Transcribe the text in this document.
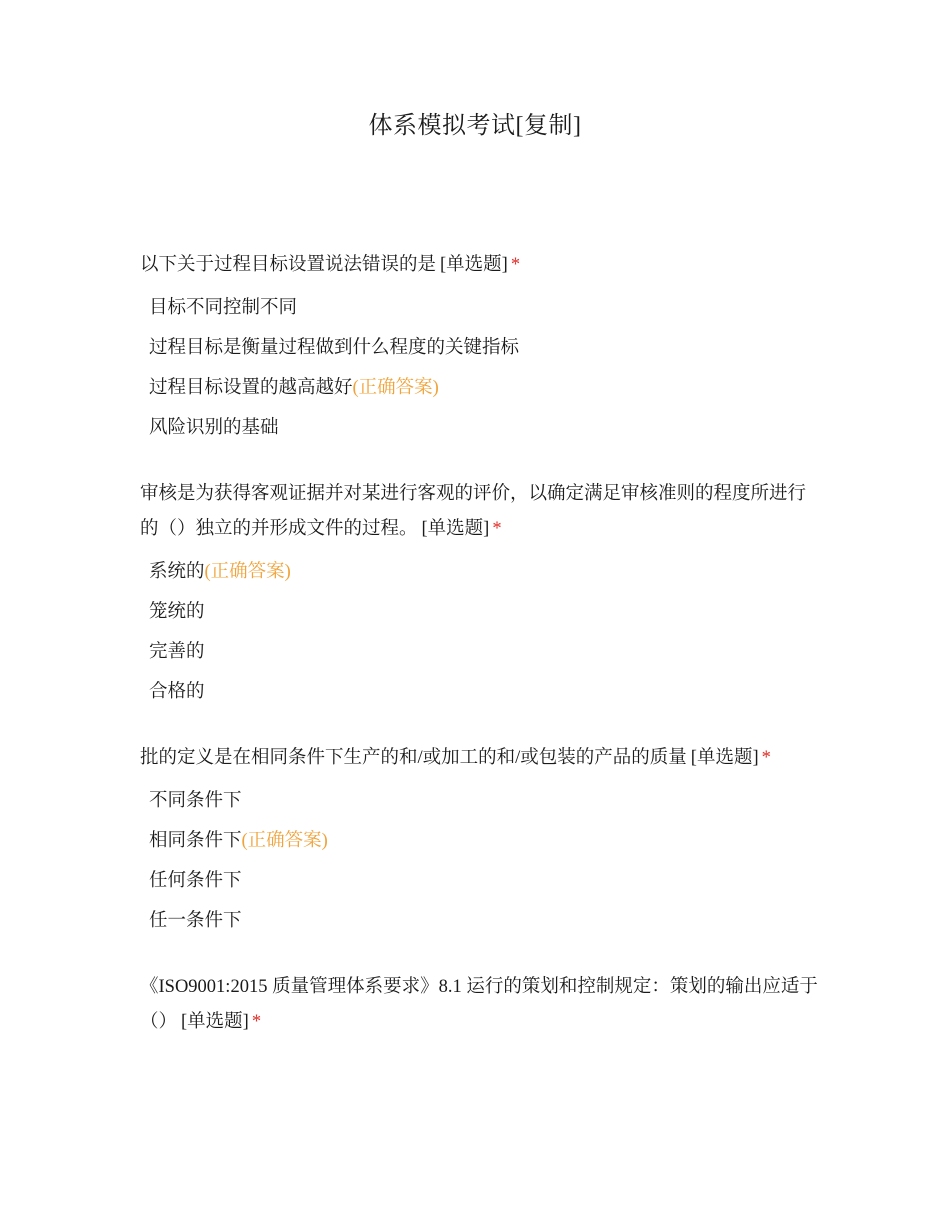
体系模拟考试[复制]
以下关于过程目标设置说法错误的是 [单选题] *
目标不同控制不同
过程目标是衡量过程做到什么程度的关键指标
过程目标设置的越高越好(正确答案)
风险识别的基础
审核是为获得客观证据并对某进行客观的评价，以确定满足审核准则的程度所进行的（）独立的并形成文件的过程。 [单选题] *
系统的(正确答案)
笼统的
完善的
合格的
批的定义是在相同条件下生产的和/或加工的和/或包装的产品的质量 [单选题] *
不同条件下
相同条件下(正确答案)
任何条件下
任一条件下
《ISO9001:2015 质量管理体系要求》8.1 运行的策划和控制规定：策划的输出应适于（） [单选题] *
